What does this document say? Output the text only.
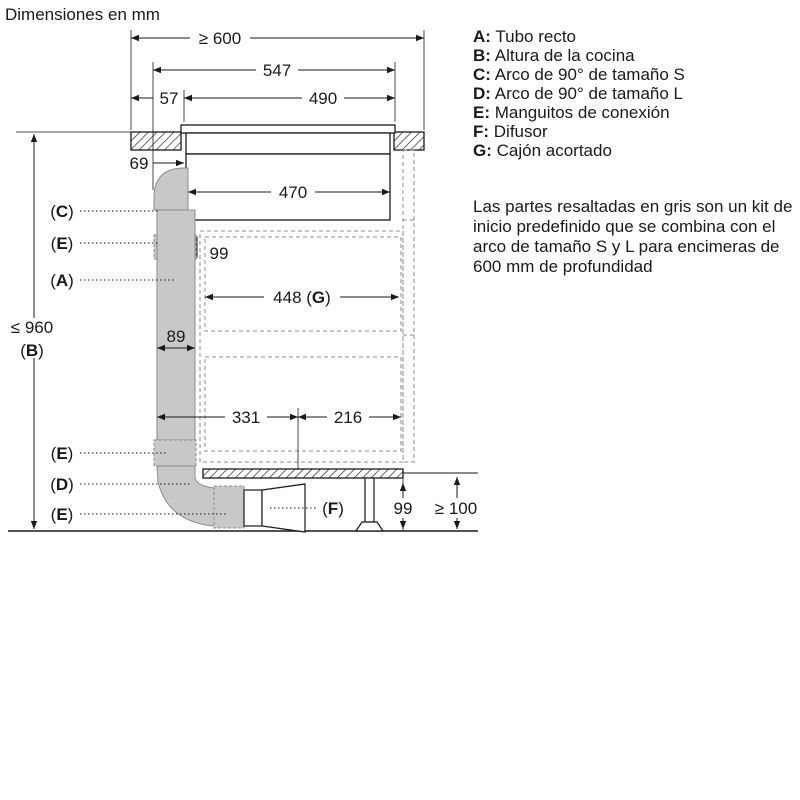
Dimensiones en mm
A: Tubo recto
B: Altura de la cocina
C: Arco de 90° de tamaño S
D: Arco de 90° de tamaño L
E: Manguitos de conexión
F: Difusor
G: Cajón acortado
Las partes resaltadas en gris son un kit de inicio predefinido que se combina con el arco de tamaño S y L para encimeras de 600 mm de profundidad
≥ 600
547
57	490
69
470
99
448 (G)
89
331	216
99 ≥ 100
≤ 960
(B)
(C)
(E)
(A)
(E)
(D)
(E)	(F)
